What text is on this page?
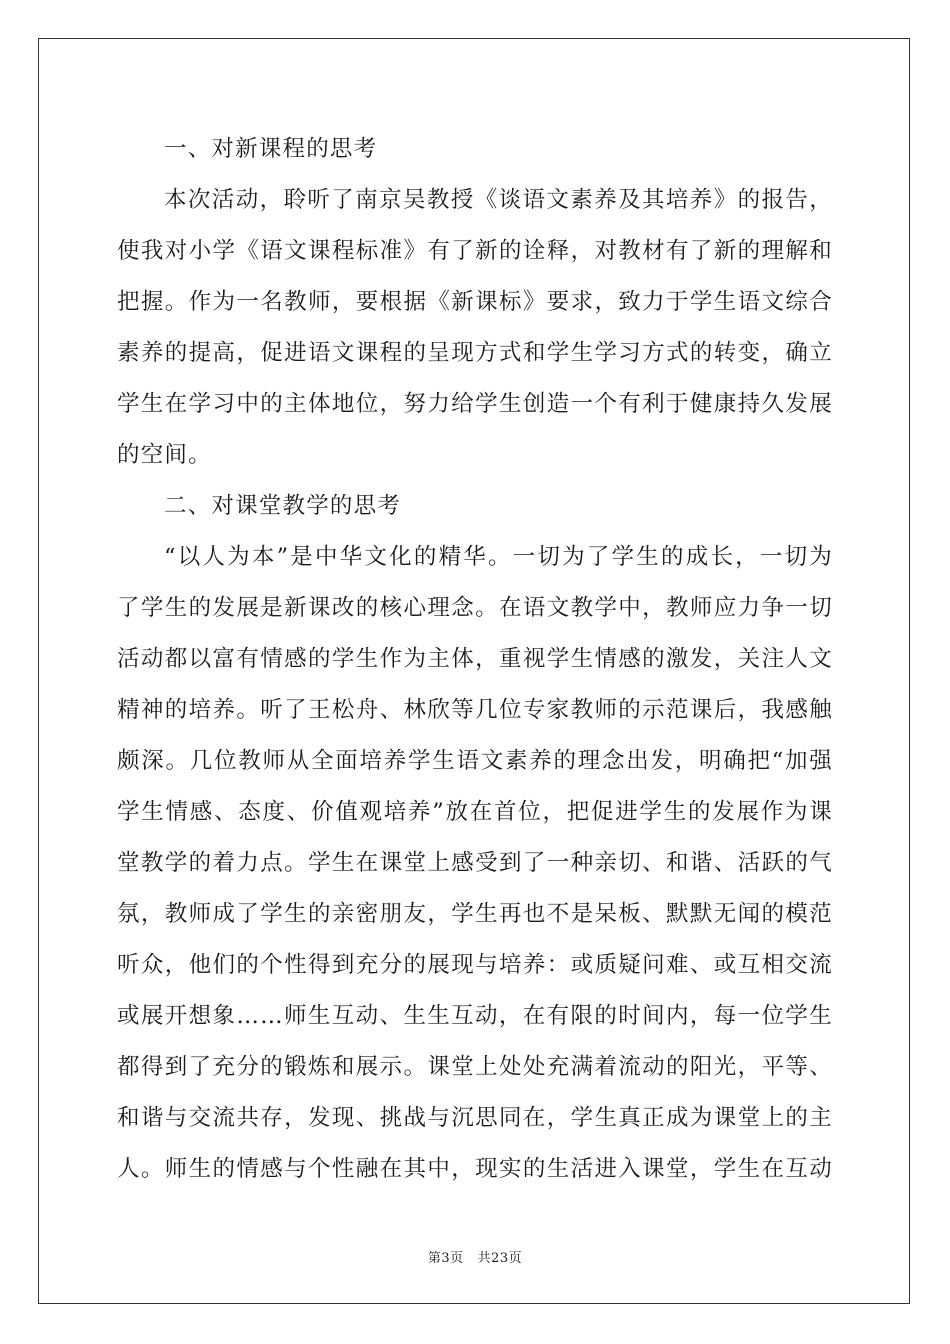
一、对新课程的思考
本次活动，聆听了南京吴教授《谈语文素养及其培养》的报告，
使我对小学《语文课程标准》有了新的诠释，对教材有了新的理解和
把握。作为一名教师，要根据《新课标》要求，致力于学生语文综合
素养的提高，促进语文课程的呈现方式和学生学习方式的转变，确立
学生在学习中的主体地位，努力给学生创造一个有利于健康持久发展
的空间。
二、对课堂教学的思考
“以人为本”是中华文化的精华。一切为了学生的成长，一切为
了学生的发展是新课改的核心理念。在语文教学中，教师应力争一切
活动都以富有情感的学生作为主体，重视学生情感的激发，关注人文
精神的培养。听了王松舟、林欣等几位专家教师的示范课后，我感触
颇深。几位教师从全面培养学生语文素养的理念出发，明确把“加强
学生情感、态度、价值观培养”放在首位，把促进学生的发展作为课
堂教学的着力点。学生在课堂上感受到了一种亲切、和谐、活跃的气
氛，教师成了学生的亲密朋友，学生再也不是呆板、默默无闻的模范
听众，他们的个性得到充分的展现与培养：或质疑问难、或互相交流
或展开想象……师生互动、生生互动，在有限的时间内，每一位学生
都得到了充分的锻炼和展示。课堂上处处充满着流动的阳光，平等、
和谐与交流共存，发现、挑战与沉思同在，学生真正成为课堂上的主
人。师生的情感与个性融在其中，现实的生活进入课堂，学生在互动
第3页 共23页
